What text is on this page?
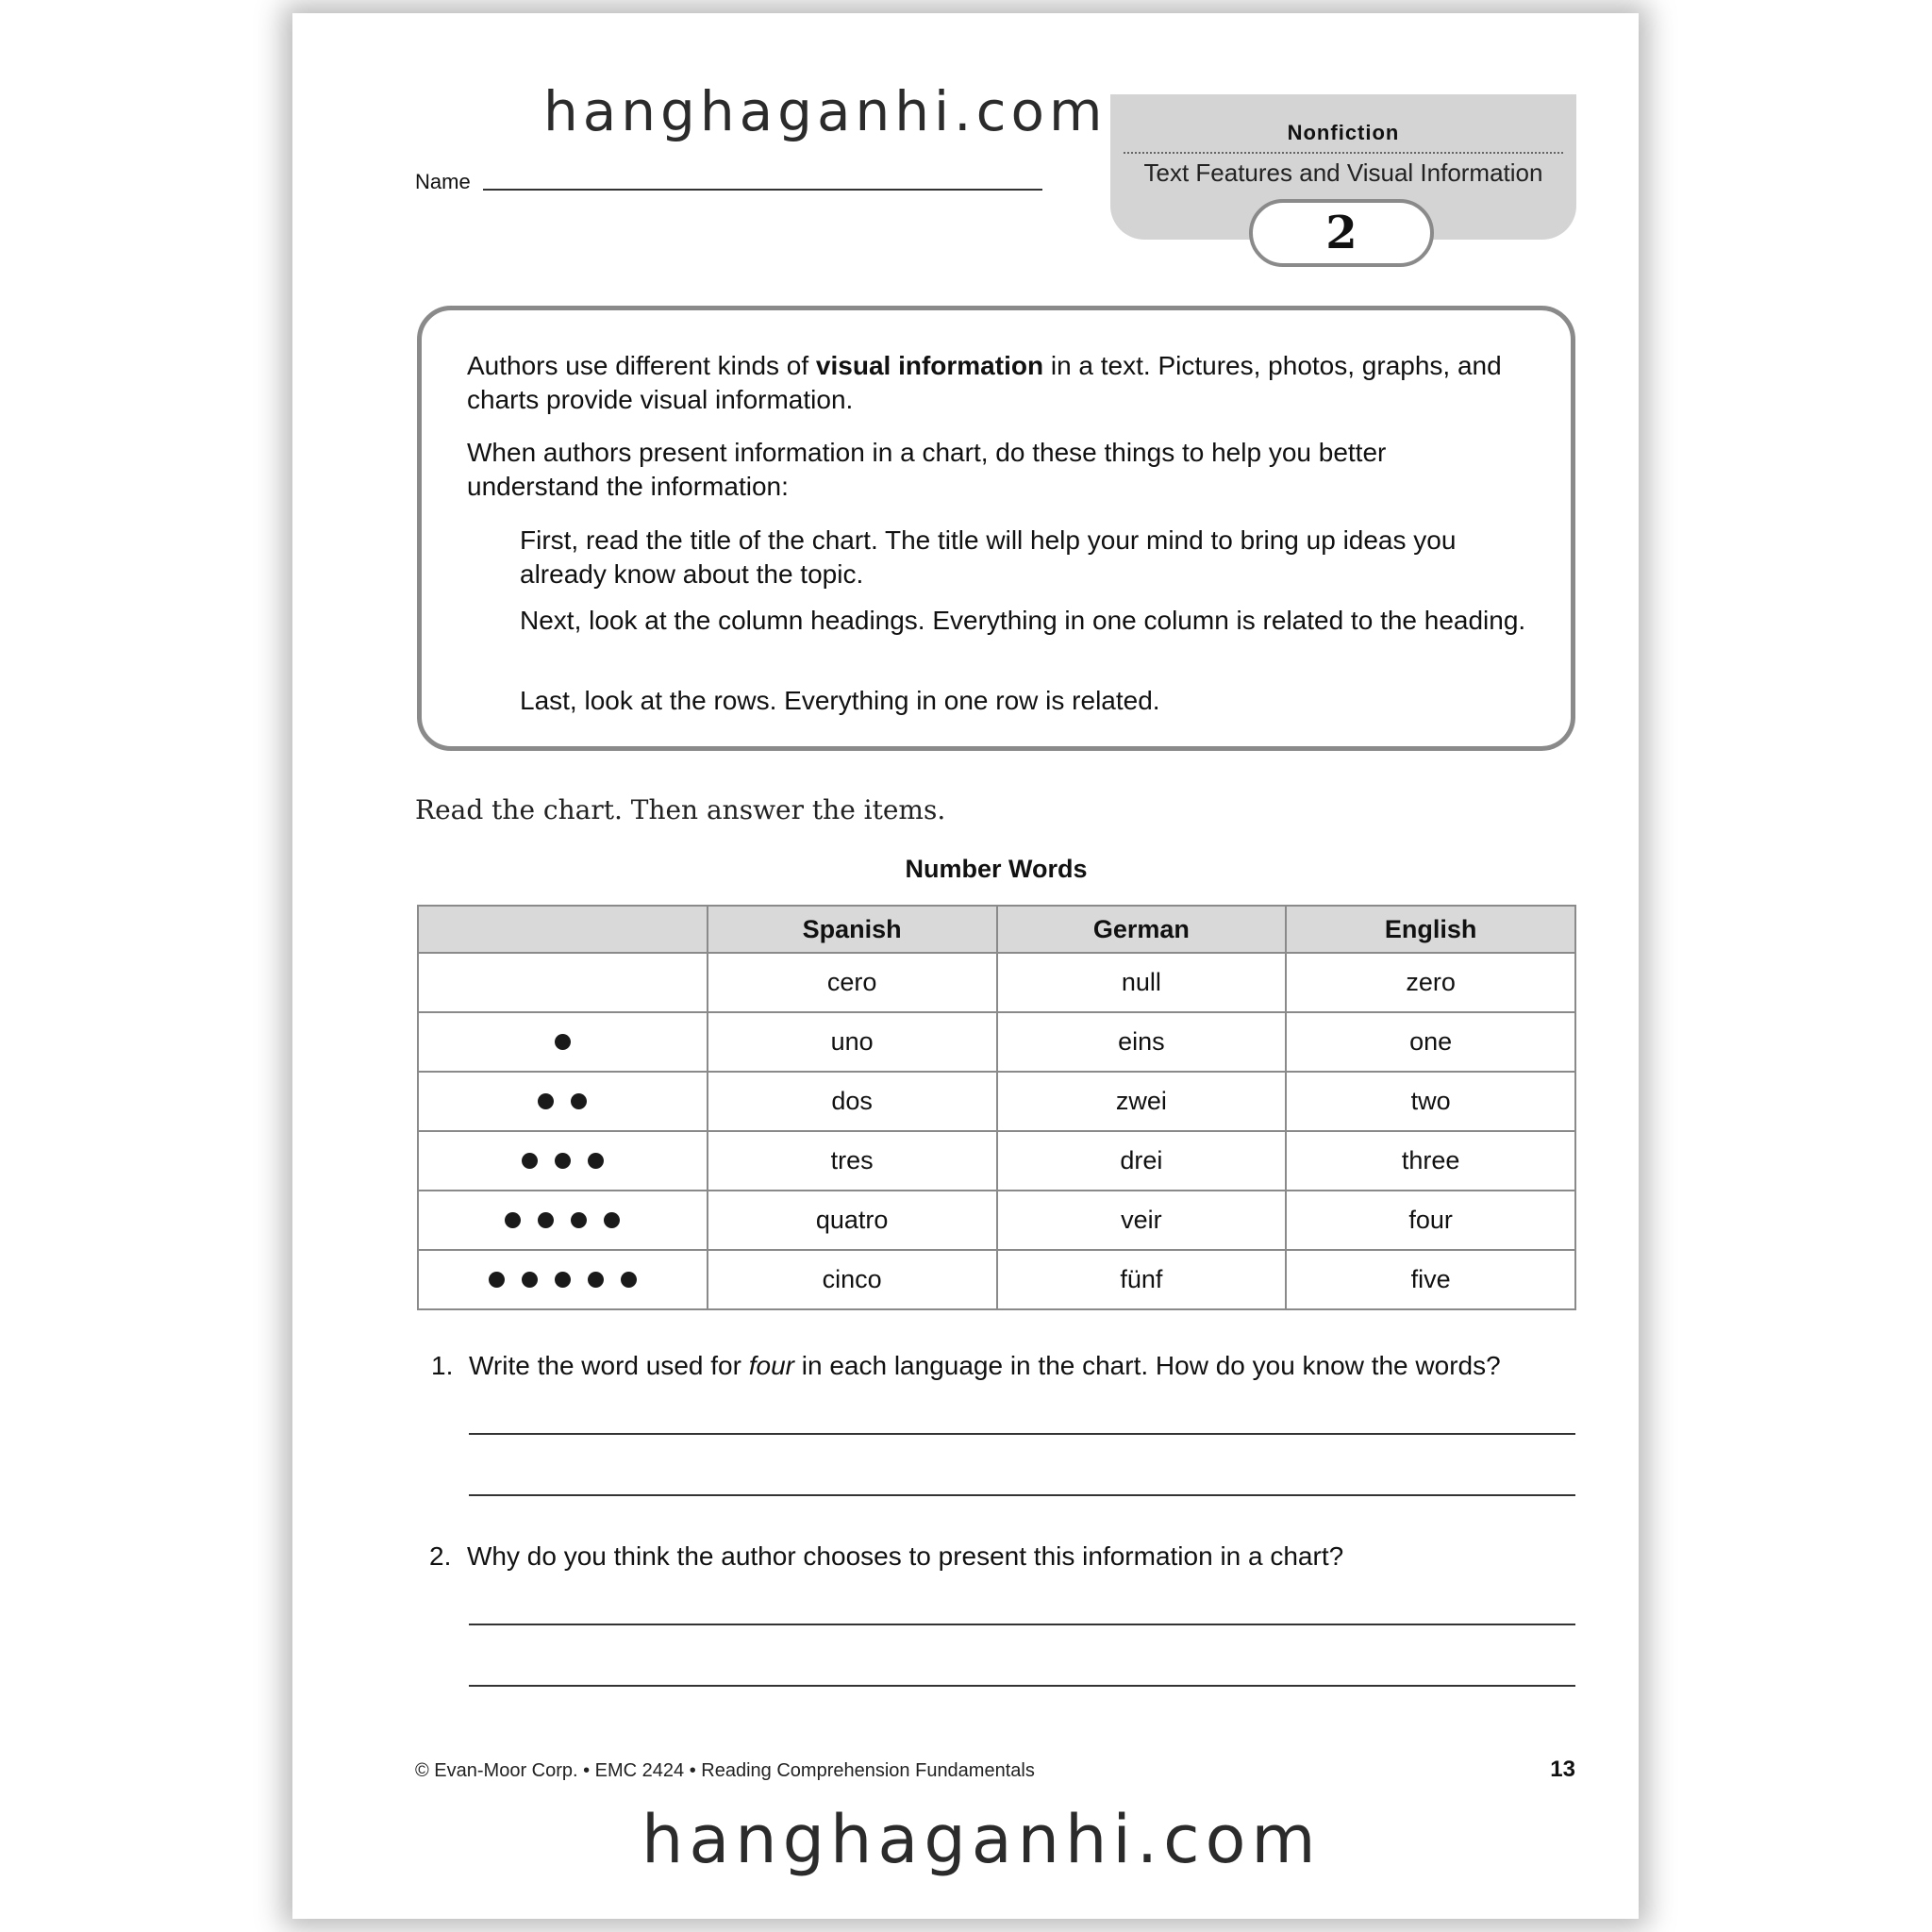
hanghaganhi.com
Name
Nonfiction
Text Features and Visual Information
2

Authors use different kinds of visual information in a text. Pictures, photos, graphs, and charts provide visual information.

When authors present information in a chart, do these things to help you better understand the information:

First, read the title of the chart. The title will help your mind to bring up ideas you already know about the topic.

Next, look at the column headings. Everything in one column is related to the heading.

Last, look at the rows. Everything in one row is related.

Read the chart. Then answer the items.
Number Words
	Spanish	German	English
	cero	null	zero
	uno	eins	one
	dos	zwei	two
	tres	drei	three
	quatro	veir	four
	cinco	fünf	five
1. Write the word used for four in each language in the chart. How do you know the words?
2. Why do you think the author chooses to present this information in a chart?
© Evan-Moor Corp. • EMC 2424 • Reading Comprehension Fundamentals	13
hanghaganhi.com
